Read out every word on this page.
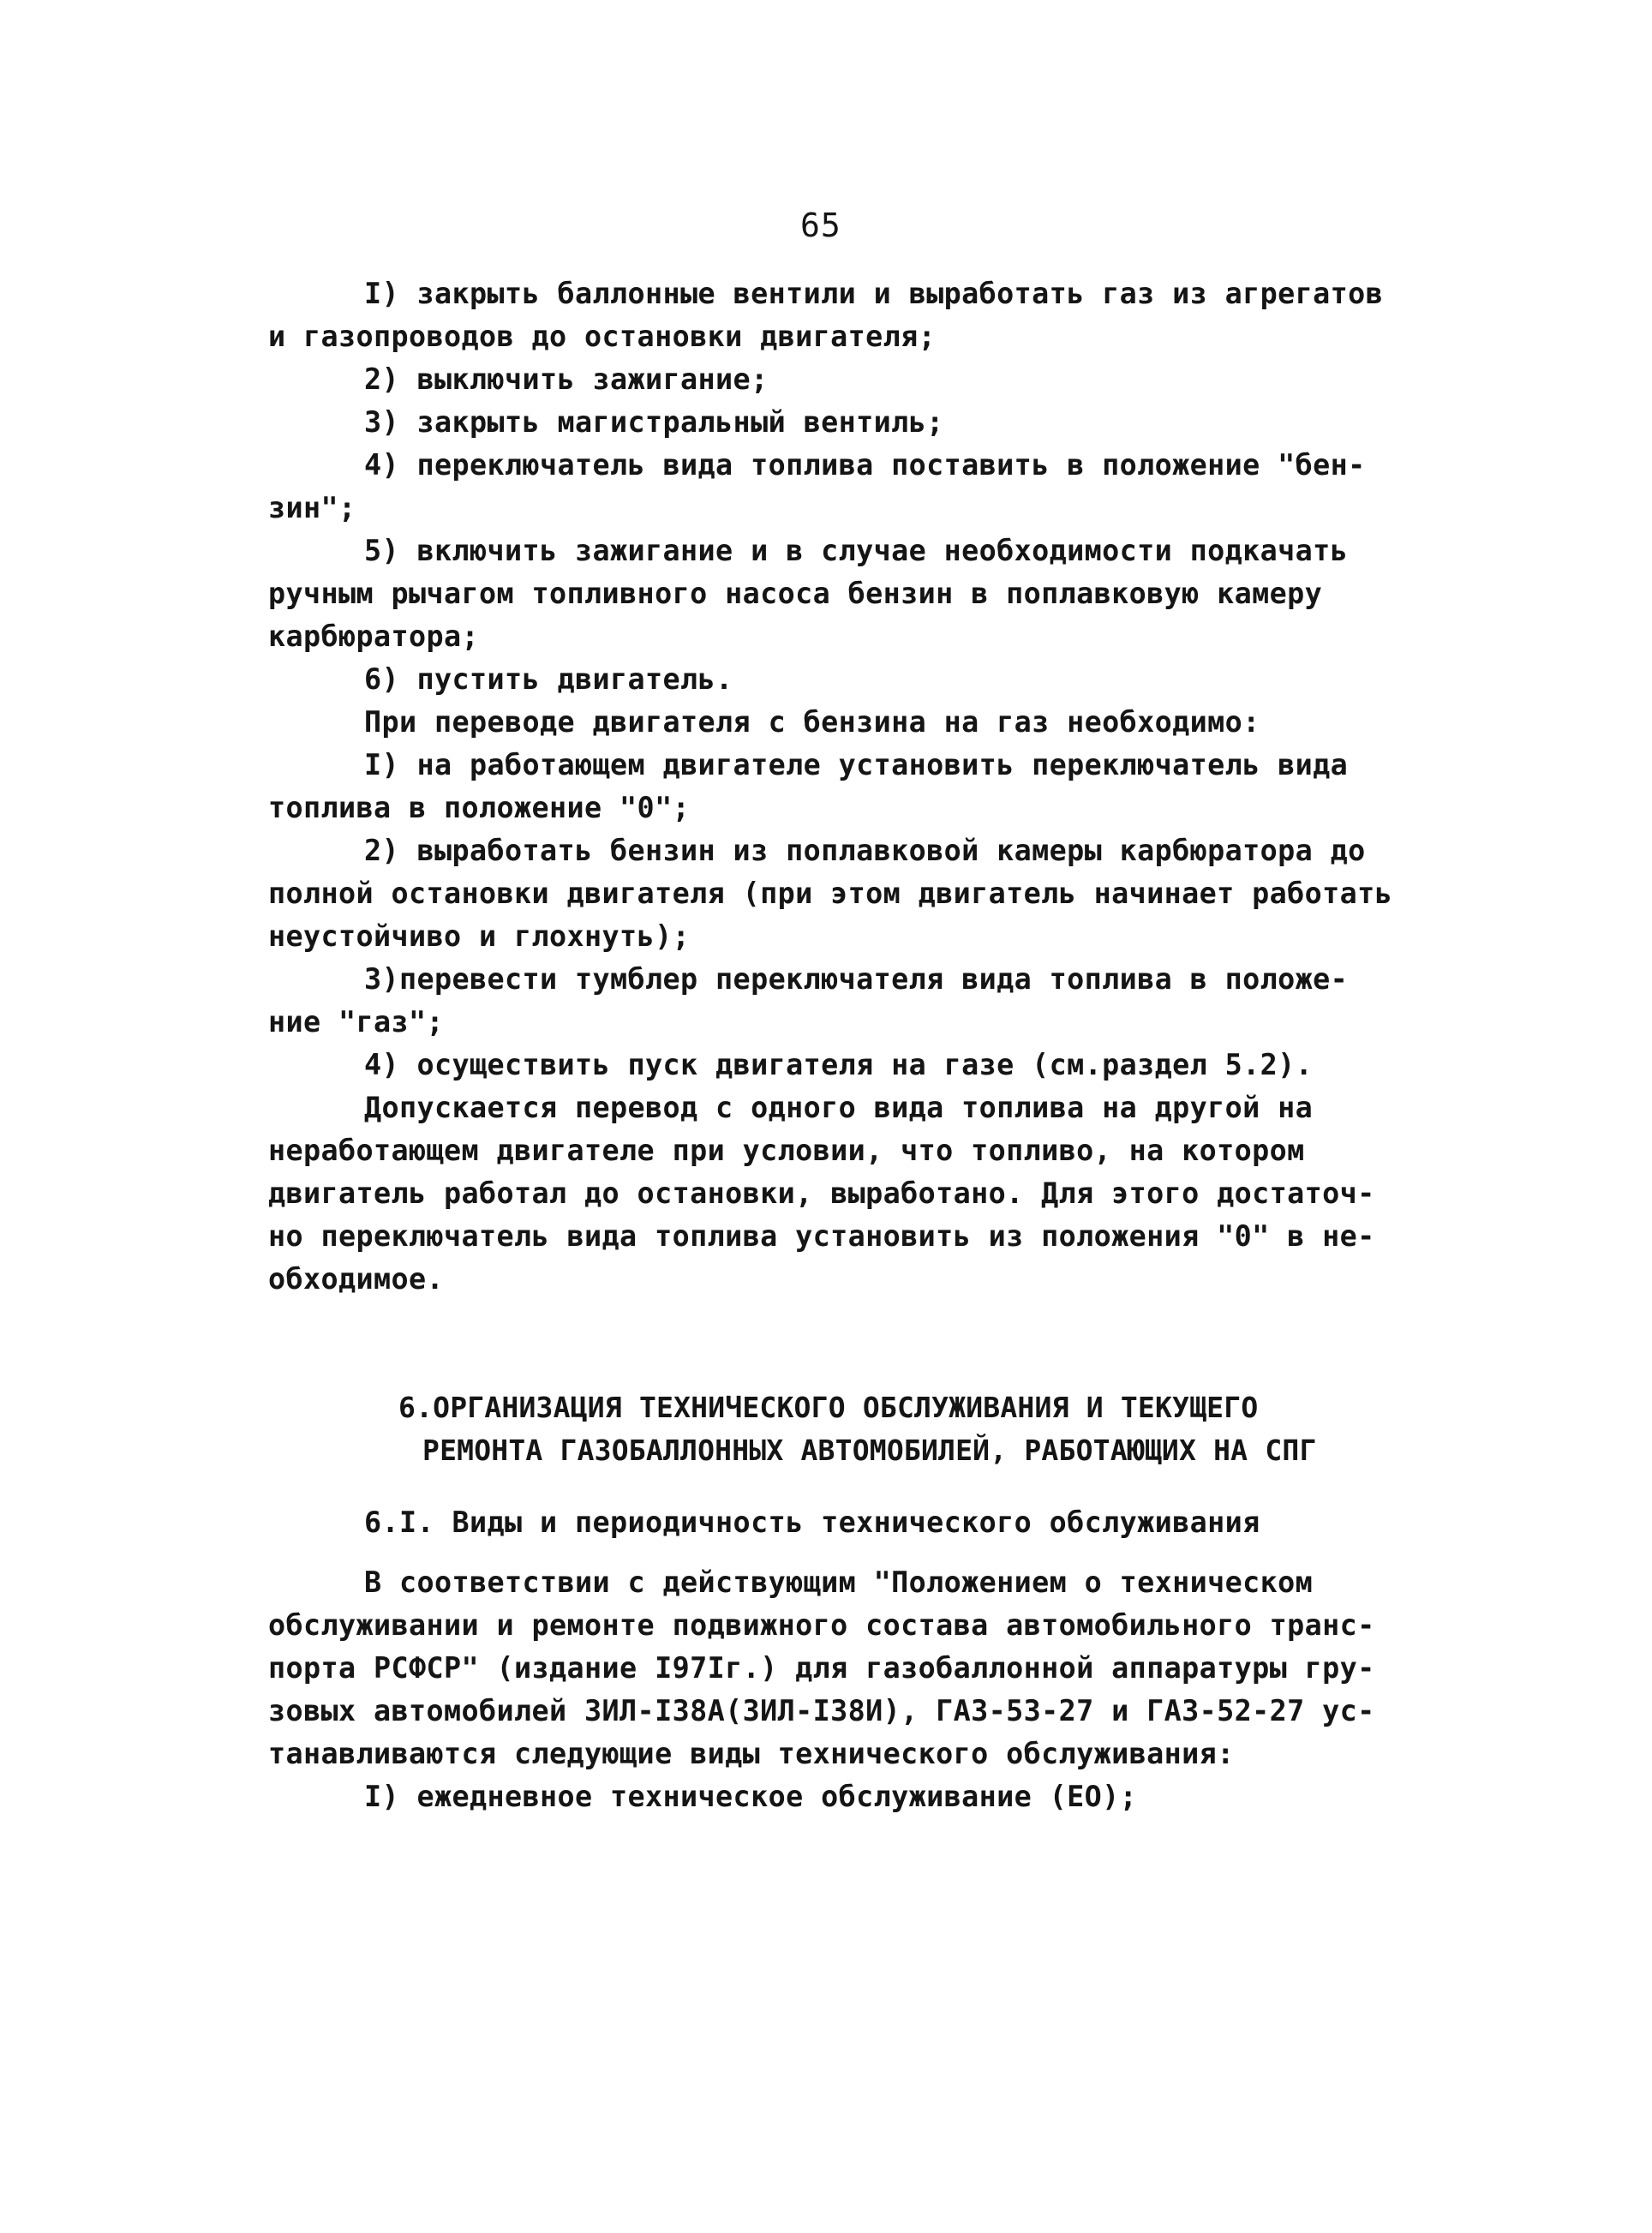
65
I) закрыть баллонные вентили и выработать газ из агрегатов
и газопроводов до остановки двигателя;
2) выключить зажигание;
3) закрыть магистральный вентиль;
4) переключатель вида топлива поставить в положение "бен-
зин";
5) включить зажигание и в случае необходимости подкачать
ручным рычагом топливного насоса бензин в поплавковую камеру
карбюратора;
6) пустить двигатель.
При переводе двигателя с бензина на газ необходимо:
I) на работающем двигателе установить переключатель вида
топлива в положение "0";
2) выработать бензин из поплавковой камеры карбюратора до
полной остановки двигателя (при этом двигатель начинает работать
неустойчиво и глохнуть);
3)перевести тумблер переключателя вида топлива в положе-
ние "газ";
4) осуществить пуск двигателя на газе (см.раздел 5.2).
Допускается перевод с одного вида топлива на другой на
неработающем двигателе при условии, что топливо, на котором
двигатель работал до остановки, выработано. Для этого достаточ-
но переключатель вида топлива установить из положения "0" в не-
обходимое.
6.ОРГАНИЗАЦИЯ ТЕХНИЧЕСКОГО ОБСЛУЖИВАНИЯ И ТЕКУЩЕГО
РЕМОНТА ГАЗОБАЛЛОННЫХ АВТОМОБИЛЕЙ, РАБОТАЮЩИХ НА СПГ
6.I. Виды и периодичность технического обслуживания
В соответствии с действующим "Положением о техническом
обслуживании и ремонте подвижного состава автомобильного транс-
порта РСФСР" (издание I97Iг.) для газобаллонной аппаратуры гру-
зовых автомобилей ЗИЛ-I38А(ЗИЛ-I38И), ГАЗ-53-27 и ГАЗ-52-27 ус-
танавливаются следующие виды технического обслуживания:
I) ежедневное техническое обслуживание (ЕО);
